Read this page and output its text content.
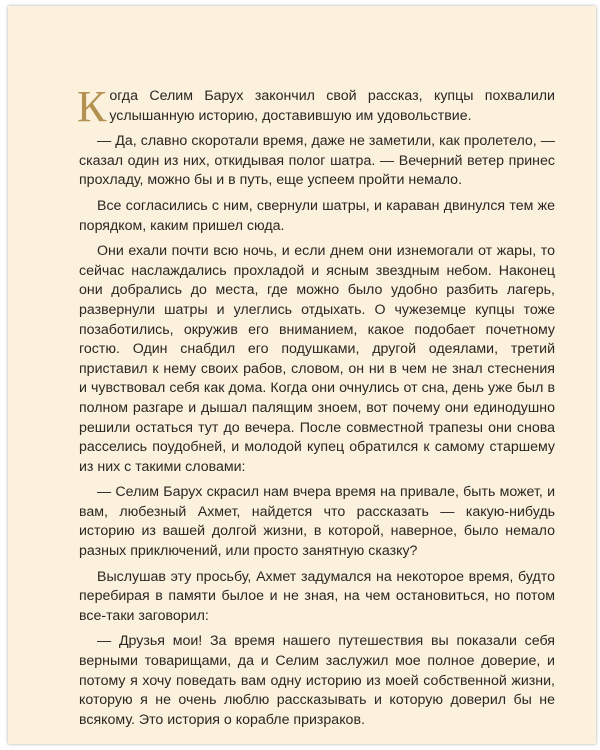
Когда Селим Барух закончил свой рассказ, купцы похвалили услышанную историю, доставившую им удовольствие.

— Да, славно скоротали время, даже не заметили, как пролетело, — сказал один из них, откидывая полог шатра. — Вечерний ветер принес прохладу, можно бы и в путь, еще успеем пройти немало.

Все согласились с ним, свернули шатры, и караван двинулся тем же порядком, каким пришел сюда.

Они ехали почти всю ночь, и если днем они изнемогали от жары, то сейчас наслаждались прохладой и ясным звездным небом. Наконец они добрались до места, где можно было удобно разбить лагерь, развернули шатры и улеглись отдыхать. О чужеземце купцы тоже позаботились, окружив его вниманием, какое подобает почетному гостю. Один снабдил его подушками, другой одеялами, третий приставил к нему своих рабов, словом, он ни в чем не знал стеснения и чувствовал себя как дома. Когда они очнулись от сна, день уже был в полном разгаре и дышал палящим зноем, вот почему они единодушно решили остаться тут до вечера. После совместной трапезы они снова расселись поудобней, и молодой купец обратился к самому старшему из них с такими словами:

— Селим Барух скрасил нам вчера время на привале, быть может, и вам, любезный Ахмет, найдется что рассказать — какую-нибудь историю из вашей долгой жизни, в которой, наверное, было немало разных приключений, или просто занятную сказку?

Выслушав эту просьбу, Ахмет задумался на некоторое время, будто перебирая в памяти былое и не зная, на чем остановиться, но потом все-таки заговорил:

— Друзья мои! За время нашего путешествия вы показали себя верными товарищами, да и Селим заслужил мое полное доверие, и потому я хочу поведать вам одну историю из моей собственной жизни, которую я не очень люблю рассказывать и которую доверил бы не всякому. Это история о корабле призраков.
